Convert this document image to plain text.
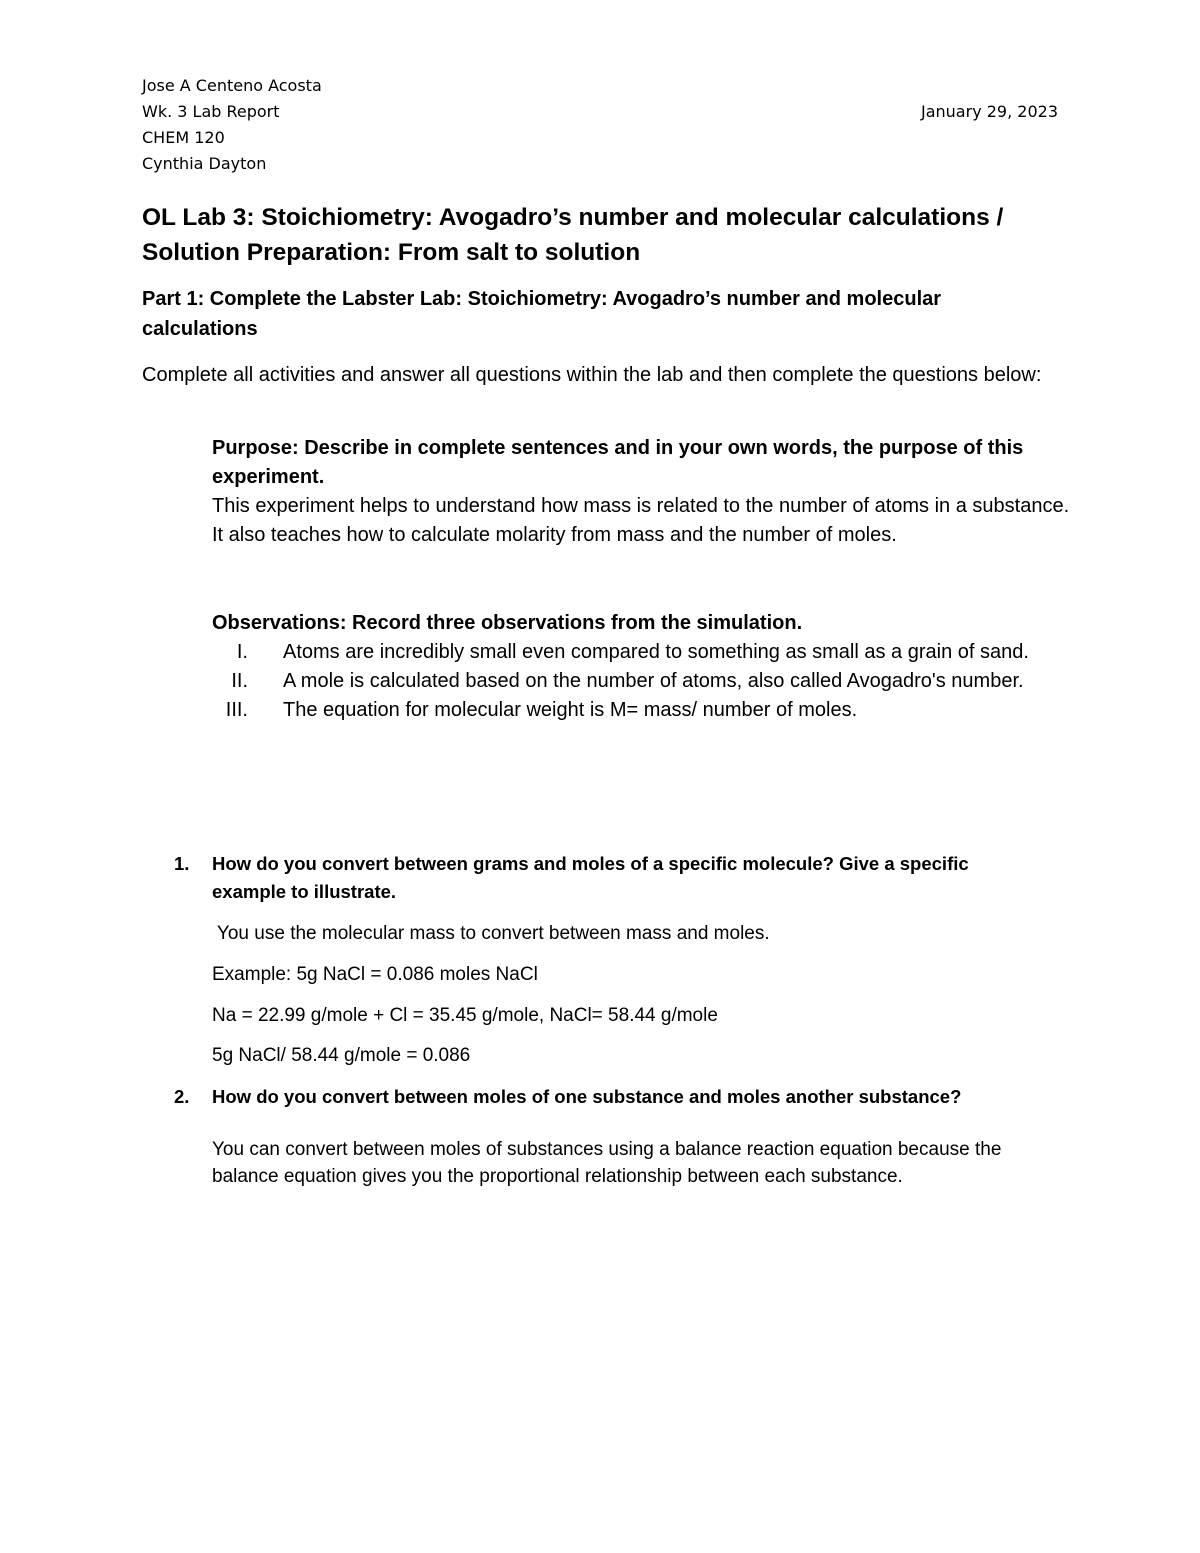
Jose A Centeno Acosta
Wk. 3 Lab Report
CHEM 120
Cynthia Dayton
January 29, 2023
OL Lab 3: Stoichiometry: Avogadro’s number and molecular calculations / Solution Preparation: From salt to solution
Part 1: Complete the Labster Lab: Stoichiometry: Avogadro’s number and molecular calculations
Complete all activities and answer all questions within the lab and then complete the questions below:
Purpose: Describe in complete sentences and in your own words, the purpose of this experiment.
This experiment helps to understand how mass is related to the number of atoms in a substance. It also teaches how to calculate molarity from mass and the number of moles.
Observations: Record three observations from the simulation.
I. Atoms are incredibly small even compared to something as small as a grain of sand.
II. A mole is calculated based on the number of atoms, also called Avogadro's number.
III. The equation for molecular weight is M= mass/ number of moles.
1. How do you convert between grams and moles of a specific molecule? Give a specific example to illustrate.
You use the molecular mass to convert between mass and moles.
Example: 5g NaCl = 0.086 moles NaCl
Na = 22.99 g/mole + Cl = 35.45 g/mole, NaCl= 58.44 g/mole
5g NaCl/ 58.44 g/mole = 0.086
2. How do you convert between moles of one substance and moles another substance?
You can convert between moles of substances using a balance reaction equation because the balance equation gives you the proportional relationship between each substance.
